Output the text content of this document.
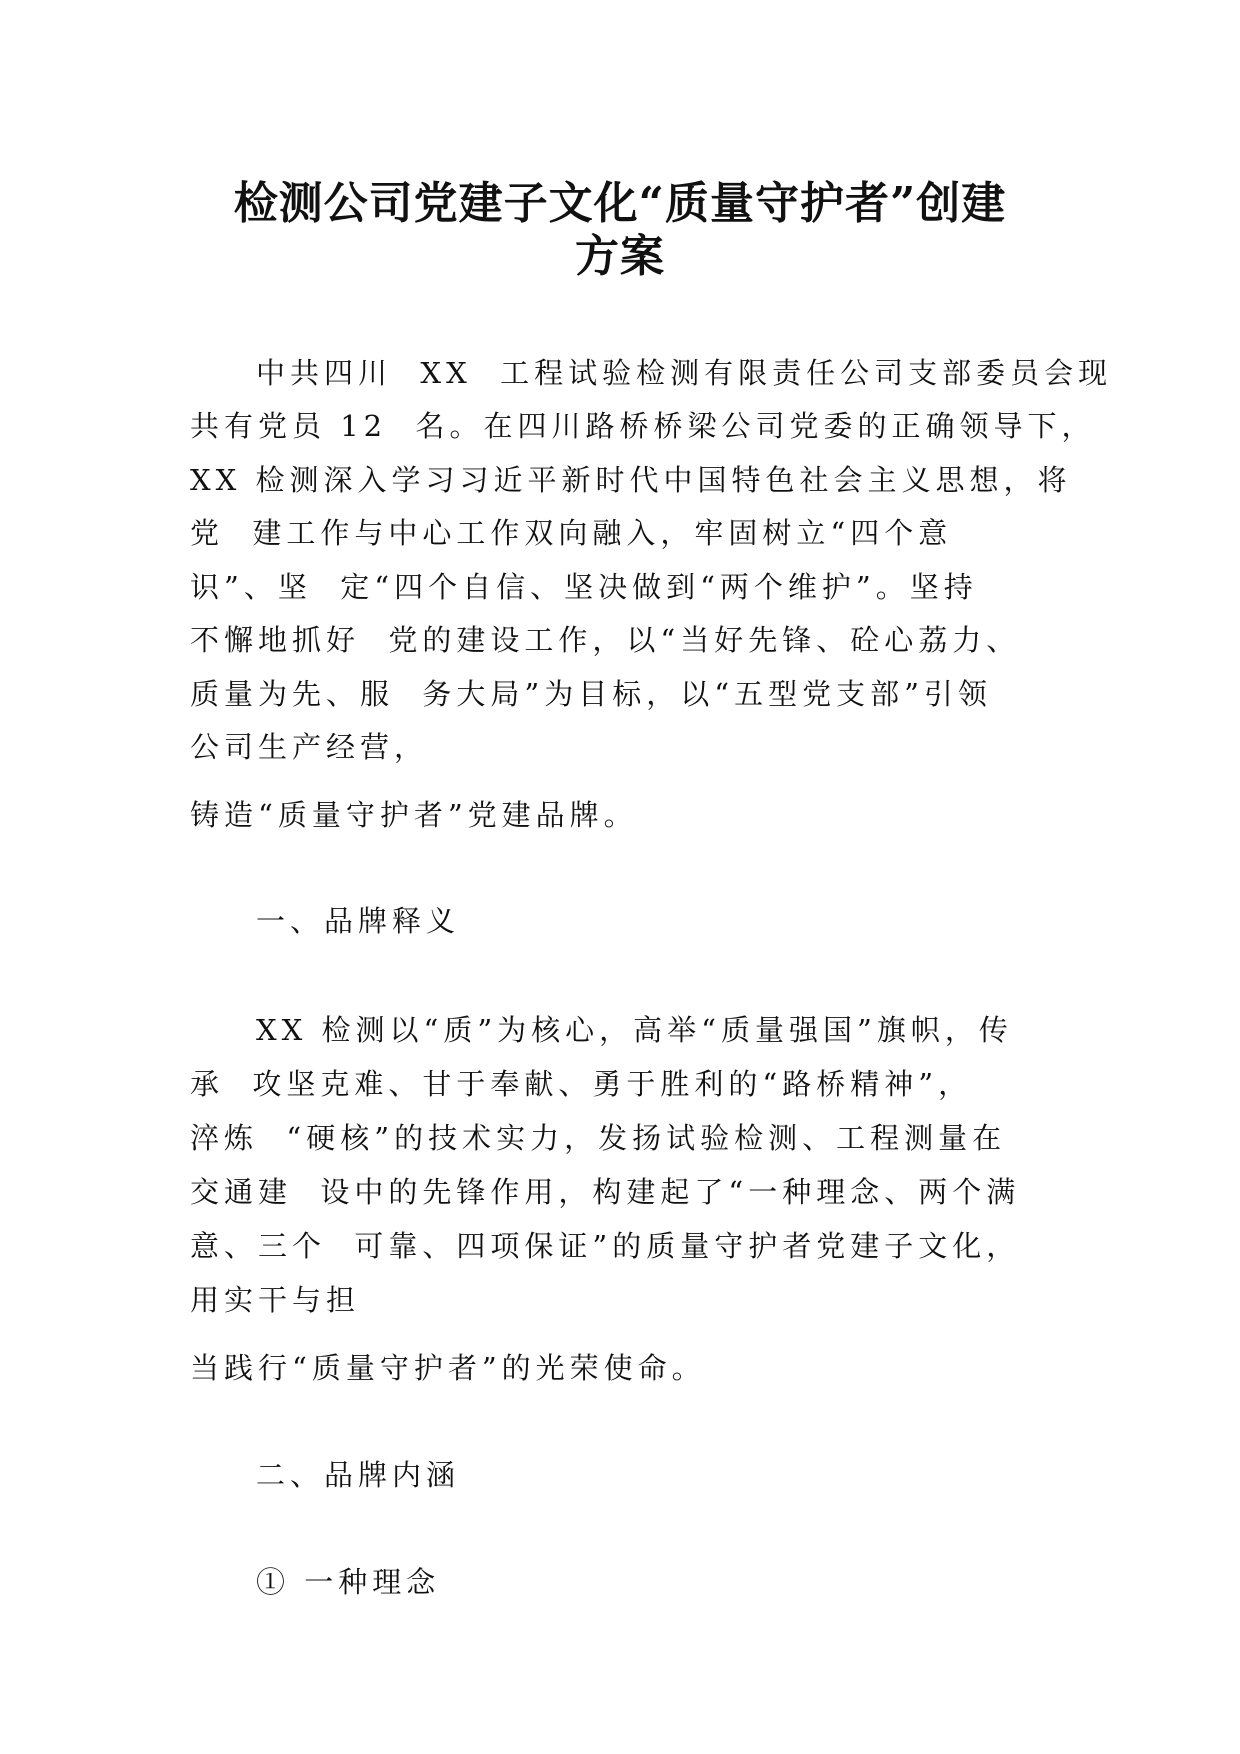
检测公司党建子文化“质量守护者”创建
方案
中共四川  XX  工程试验检测有限责任公司支部委员会现
共有党员 12  名。在四川路桥桥梁公司党委的正确领导下，
XX 检测深入学习习近平新时代中国特色社会主义思想，将
党  建工作与中心工作双向融入，牢固树立“四个意
识”、坚  定“四个自信、坚决做到“两个维护”。坚持
不懈地抓好  党的建设工作，以“当好先锋、砼心荔力、
质量为先、服  务大局”为目标，以“五型党支部”引领
公司生产经营，
铸造“质量守护者”党建品牌。
一、品牌释义
XX 检测以“质”为核心，高举“质量强国”旗帜，传
承  攻坚克难、甘于奉献、勇于胜利的“路桥精神”，
淬炼  “硬核”的技术实力，发扬试验检测、工程测量在
交通建  设中的先锋作用，构建起了“一种理念、两个满
意、三个  可靠、四项保证”的质量守护者党建子文化，
用实干与担
当践行“质量守护者”的光荣使命。
二、品牌内涵
① 一种理念
